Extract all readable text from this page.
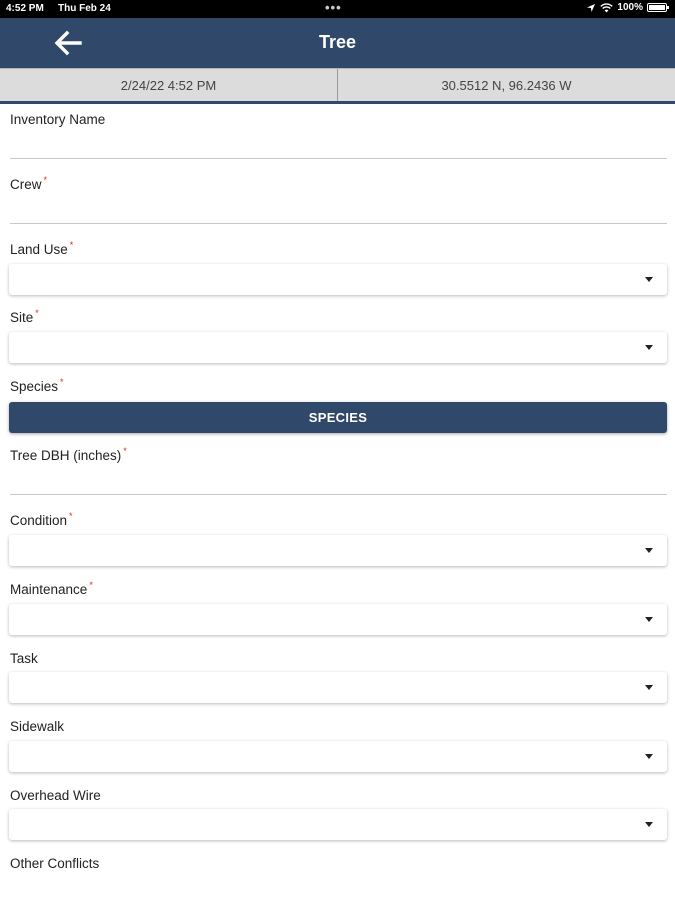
4:52 PM Thu Feb 24	•••	100%
Tree
2/24/22 4:52 PM	30.5512 N, 96.2436 W
Inventory Name
Crew *
Land Use *
Site *
Species *
SPECIES
Tree DBH (inches) *
Condition *
Maintenance *
Task
Sidewalk
Overhead Wire
Other Conflicts
